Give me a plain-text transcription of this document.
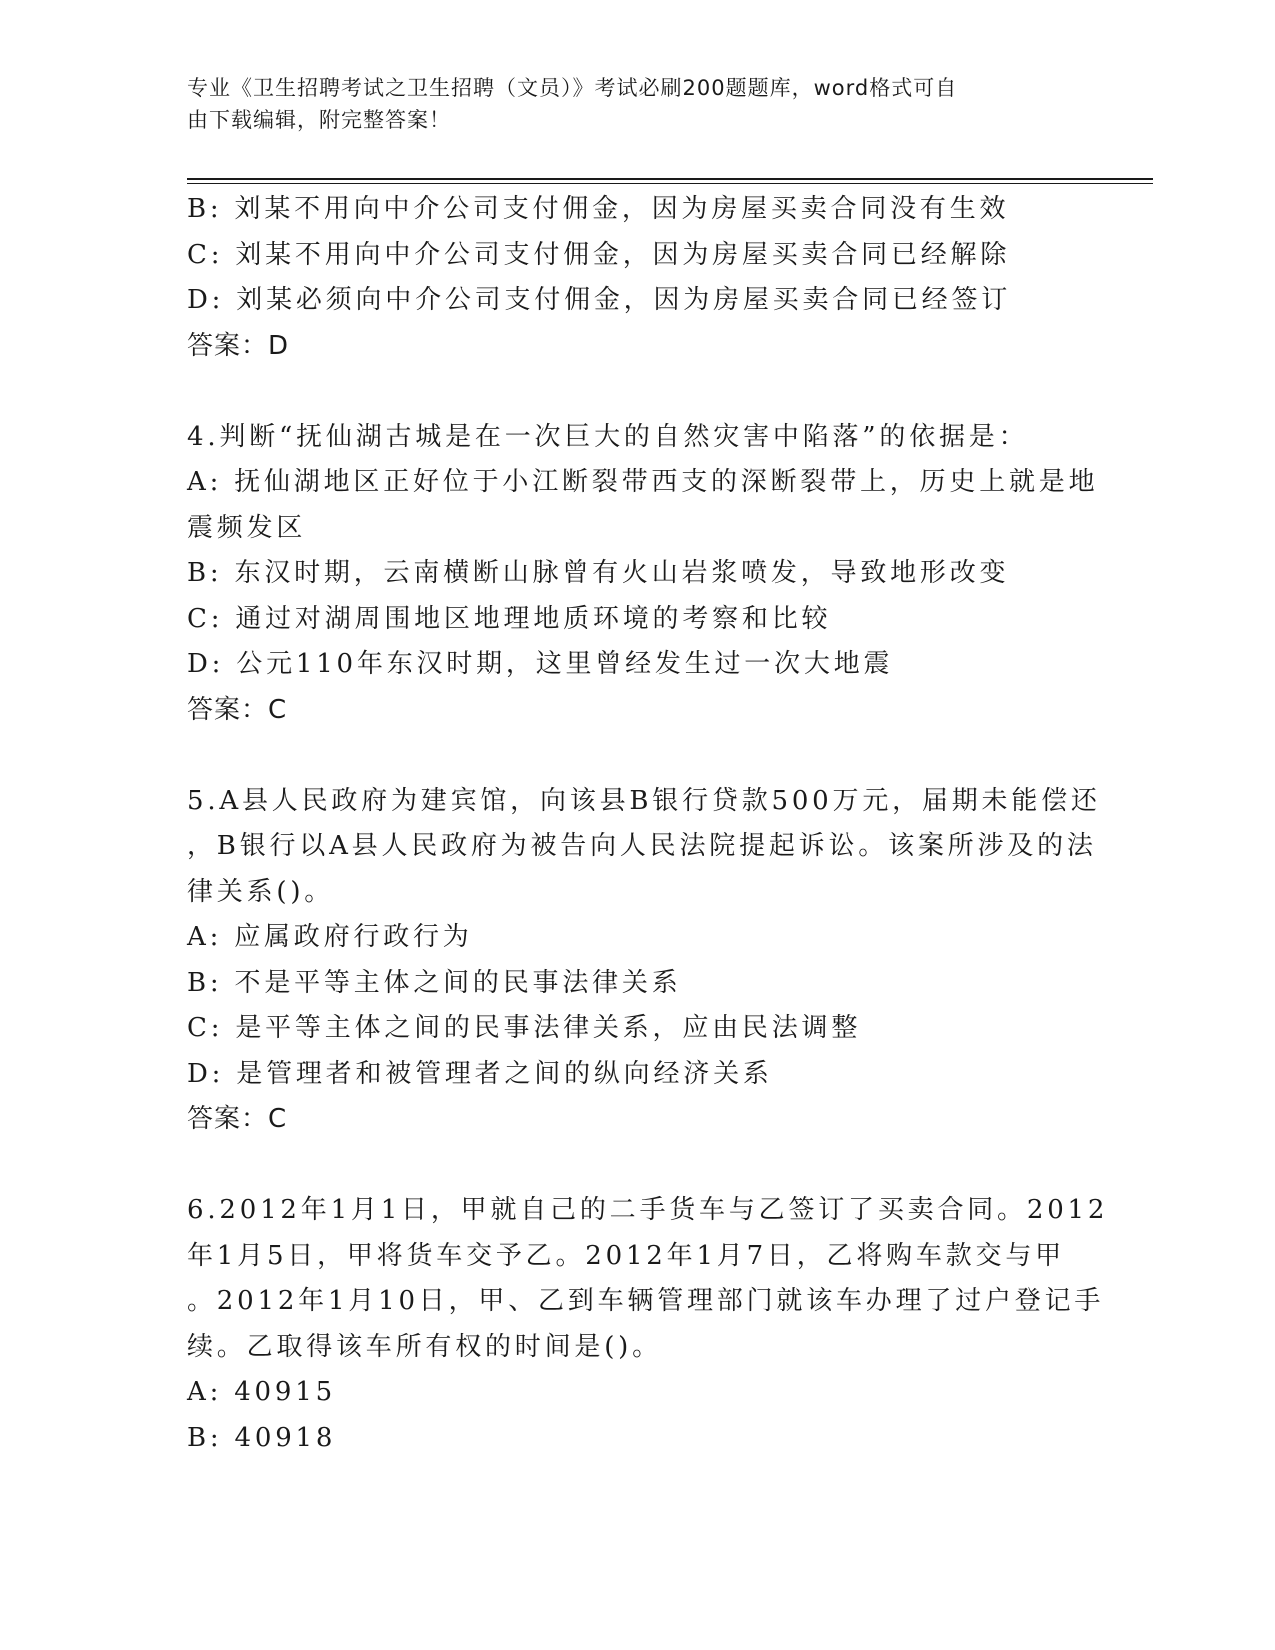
专业《卫生招聘考试之卫生招聘（文员）》考试必刷200题题库，word格式可自
由下载编辑，附完整答案！
B: 刘某不用向中介公司支付佣金，因为房屋买卖合同没有生效
C: 刘某不用向中介公司支付佣金，因为房屋买卖合同已经解除
D: 刘某必须向中介公司支付佣金，因为房屋买卖合同已经签订
答案：D
4.判断“抚仙湖古城是在一次巨大的自然灾害中陷落”的依据是：
A: 抚仙湖地区正好位于小江断裂带西支的深断裂带上，历史上就是地
震频发区
B: 东汉时期，云南横断山脉曾有火山岩浆喷发，导致地形改变
C: 通过对湖周围地区地理地质环境的考察和比较
D: 公元110年东汉时期，这里曾经发生过一次大地震
答案：C
5.A县人民政府为建宾馆，向该县B银行贷款500万元，届期未能偿还
，B银行以A县人民政府为被告向人民法院提起诉讼。该案所涉及的法
律关系()。
A: 应属政府行政行为
B: 不是平等主体之间的民事法律关系
C: 是平等主体之间的民事法律关系，应由民法调整
D: 是管理者和被管理者之间的纵向经济关系
答案：C
6.2012年1月1日，甲就自己的二手货车与乙签订了买卖合同。2012
年1月5日，甲将货车交予乙。2012年1月7日，乙将购车款交与甲
。2012年1月10日，甲、乙到车辆管理部门就该车办理了过户登记手
续。乙取得该车所有权的时间是()。
A: 40915
B: 40918
